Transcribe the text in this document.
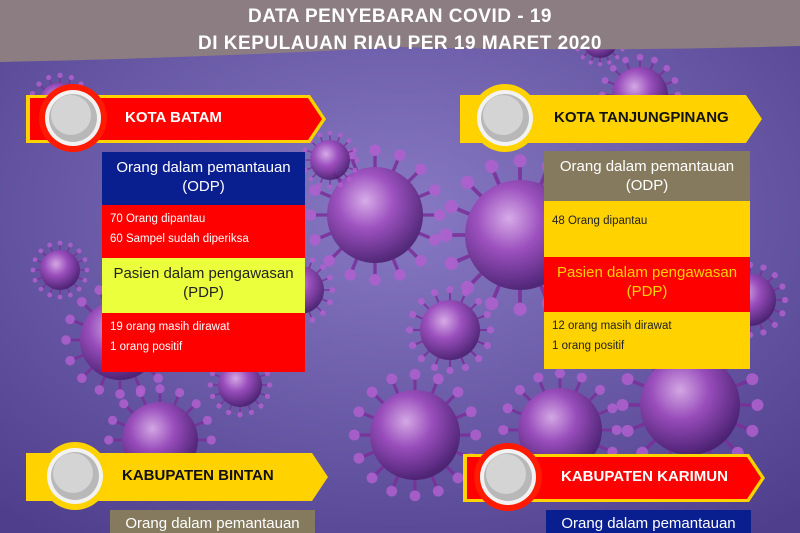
DATA PENYEBARAN COVID - 19
DI KEPULAUAN RIAU PER 19 MARET 2020
KOTA BATAM
Orang dalam pemantauan
(ODP)
70 Orang dipantau
60 Sampel sudah diperiksa
Pasien dalam pengawasan
(PDP)
19 orang masih dirawat
1 orang positif
KOTA TANJUNGPINANG
Orang dalam pemantauan
(ODP)
48 Orang dipantau
Pasien dalam pengawasan
(PDP)
12 orang masih dirawat
1 orang positif
KABUPATEN BINTAN
Orang dalam pemantauan
KABUPATEN KARIMUN
Orang dalam pemantauan
